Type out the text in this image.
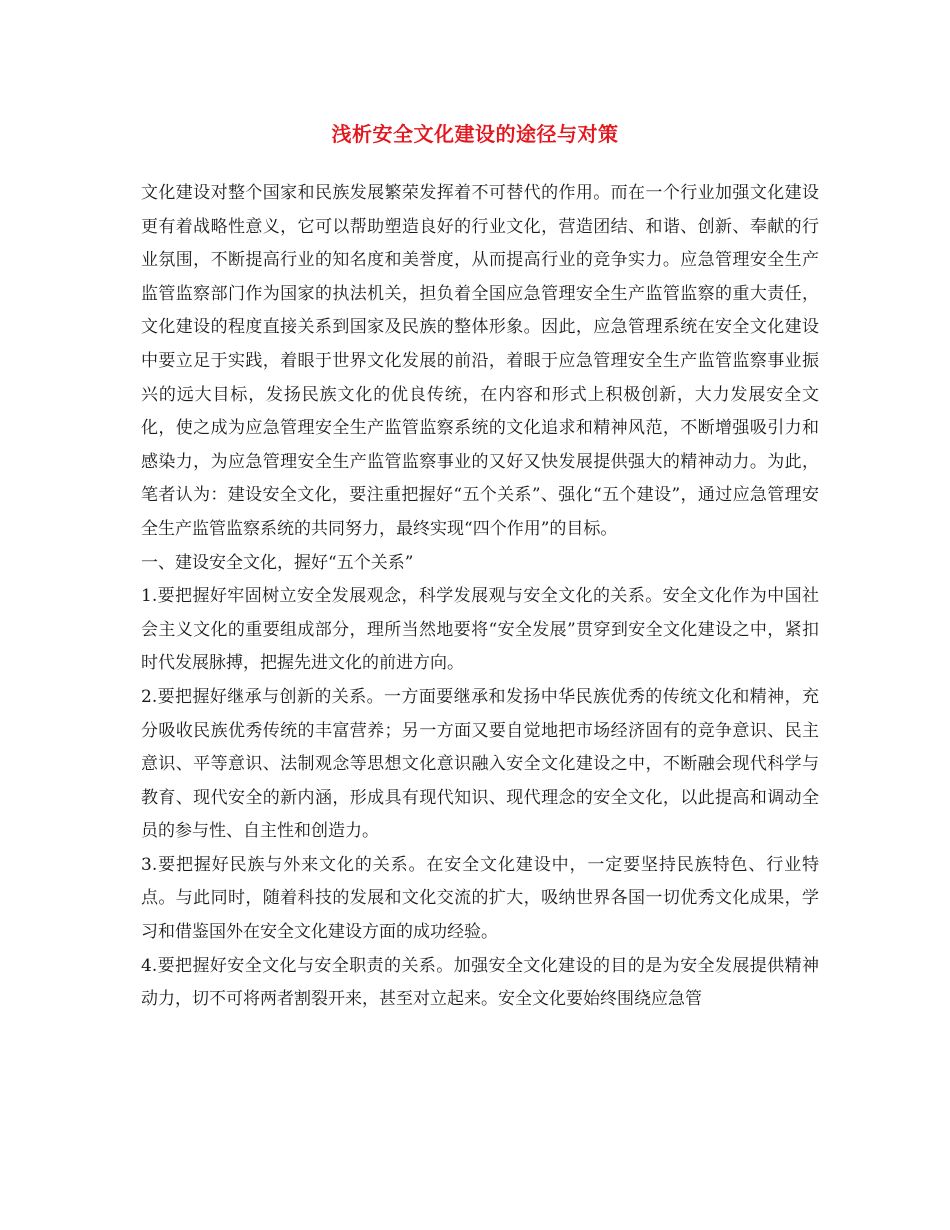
浅析安全文化建设的途径与对策

文化建设对整个国家和民族发展繁荣发挥着不可替代的作用。而在一个行业加强文化建设更有着战略性意义，它可以帮助塑造良好的行业文化，营造团结、和谐、创新、奉献的行业氛围，不断提高行业的知名度和美誉度，从而提高行业的竞争实力。应急管理安全生产监管监察部门作为国家的执法机关，担负着全国应急管理安全生产监管监察的重大责任，文化建设的程度直接关系到国家及民族的整体形象。因此，应急管理系统在安全文化建设中要立足于实践，着眼于世界文化发展的前沿，着眼于应急管理安全生产监管监察事业振兴的远大目标，发扬民族文化的优良传统，在内容和形式上积极创新，大力发展安全文化，使之成为应急管理安全生产监管监察系统的文化追求和精神风范，不断增强吸引力和感染力，为应急管理安全生产监管监察事业的又好又快发展提供强大的精神动力。为此，笔者认为：建设安全文化，要注重把握好“五个关系”、强化“五个建设”，通过应急管理安全生产监管监察系统的共同努力，最终实现“四个作用”的目标。

一、建设安全文化，握好“五个关系”

1.要把握好牢固树立安全发展观念，科学发展观与安全文化的关系。安全文化作为中国社会主义文化的重要组成部分，理所当然地要将“安全发展”贯穿到安全文化建设之中，紧扣时代发展脉搏，把握先进文化的前进方向。

2.要把握好继承与创新的关系。一方面要继承和发扬中华民族优秀的传统文化和精神，充分吸收民族优秀传统的丰富营养；另一方面又要自觉地把市场经济固有的竞争意识、民主意识、平等意识、法制观念等思想文化意识融入安全文化建设之中，不断融会现代科学与教育、现代安全的新内涵，形成具有现代知识、现代理念的安全文化，以此提高和调动全员的参与性、自主性和创造力。

3.要把握好民族与外来文化的关系。在安全文化建设中，一定要坚持民族特色、行业特点。与此同时，随着科技的发展和文化交流的扩大，吸纳世界各国一切优秀文化成果，学习和借鉴国外在安全文化建设方面的成功经验。

4.要把握好安全文化与安全职责的关系。加强安全文化建设的目的是为安全发展提供精神动力，切不可将两者割裂开来，甚至对立起来。安全文化要始终围绕应急管
